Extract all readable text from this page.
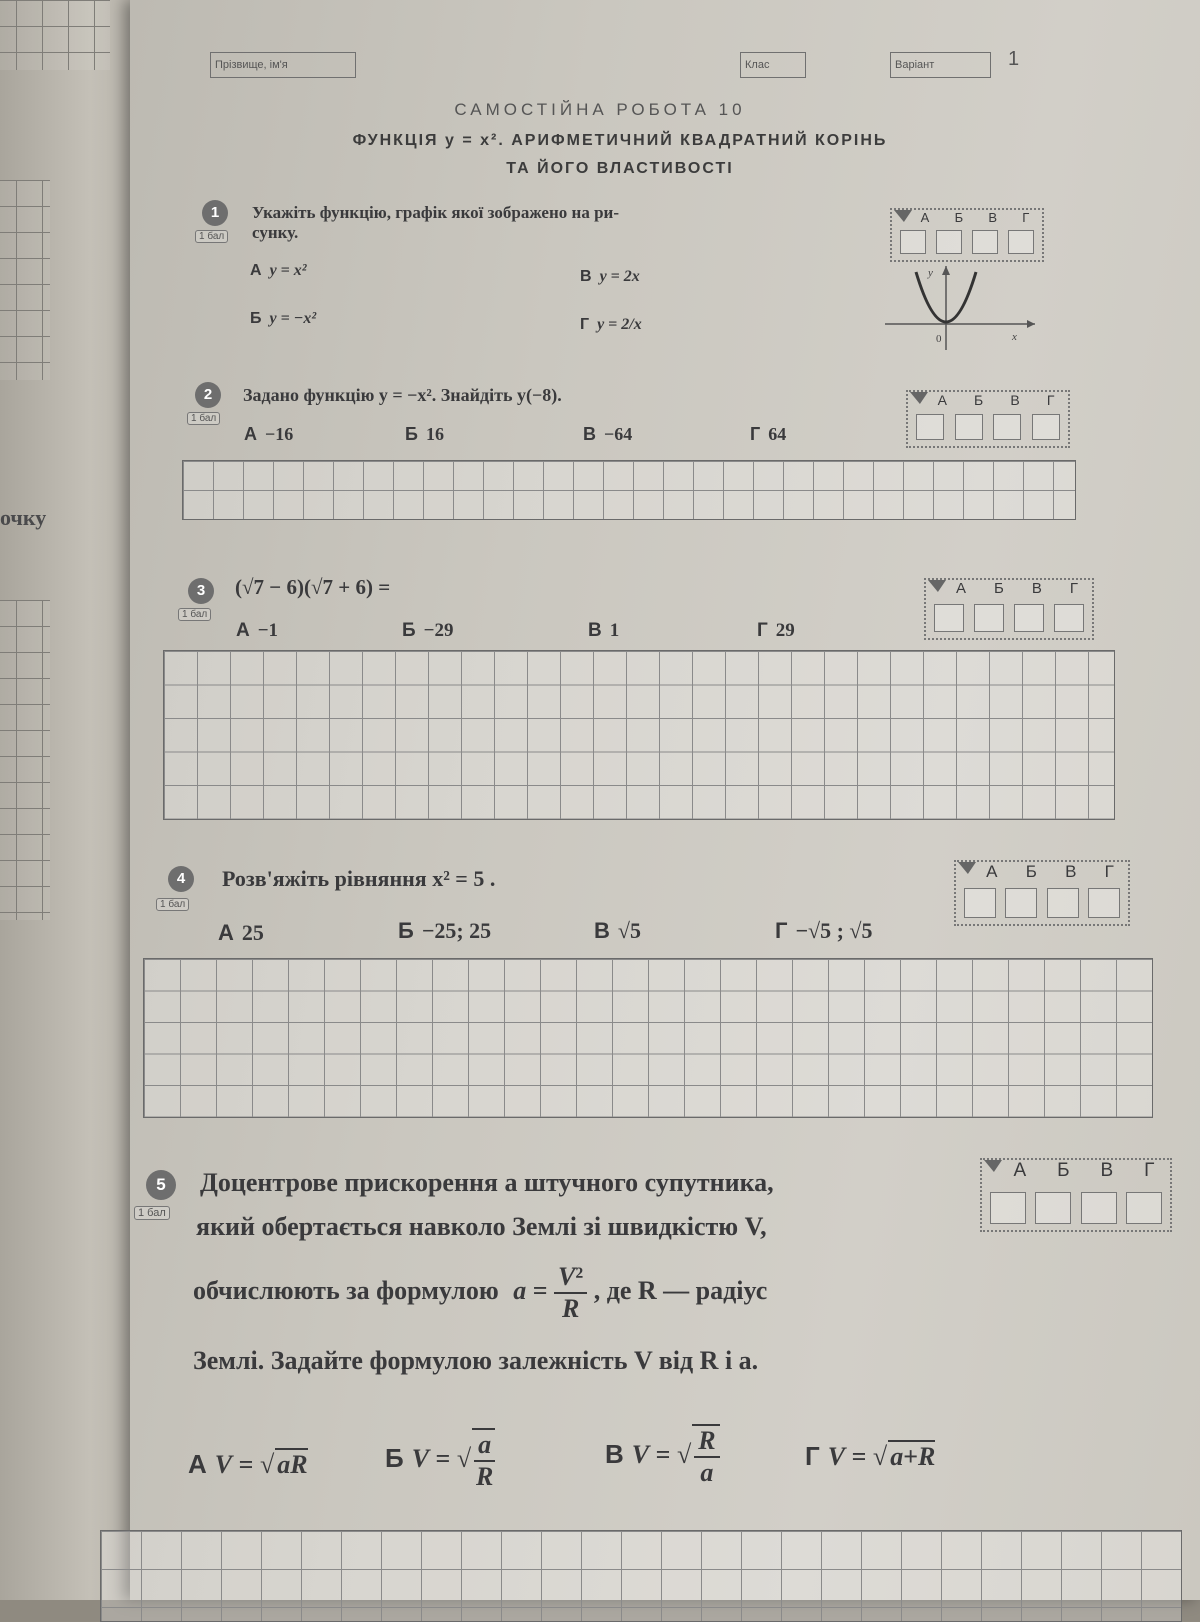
очку
Прізвище, ім'я	Клас	Варіант	1
САМОСТІЙНА РОБОТА 10
ФУНКЦІЯ y = x². АРИФМЕТИЧНИЙ КВАДРАТНИЙ КОРІНЬ
ТА ЙОГО ВЛАСТИВОСТІ
1
1 бал
Укажіть функцію, графік якої зображено на ри-
сунку.
А y = x²
Б y = −x²
В y = 2x
Г y = 2/x
y
x
0
2
1 бал
Задано функцію y = −x². Знайдіть y(−8).
А −16	Б 16	В −64	Г 64
3
1 бал
(√7 − 6)(√7 + 6) =
А −1	Б −29	В 1	Г 29
4
1 бал
Розв'яжіть рівняння x² = 5 .
А 25	Б −25; 25	В √5	Г −√5 ; √5
5
1 бал
Доцентрове прискорення a штучного супутника,
який обертається навколо Землі зі швидкістю V,
обчислюють за формулою $a = \frac{\text{V²}}{R}$ , де R — радіус
Землі. Задайте формулою залежність V від R і a.
А V = √ aR	Б V = √ $\frac{a}{R}$	В V = √ $\frac{R}{a}$	Г V = √ a+R
А Б В Г
А Б В Г
А Б В Г
А Б В Г
А Б В Г
